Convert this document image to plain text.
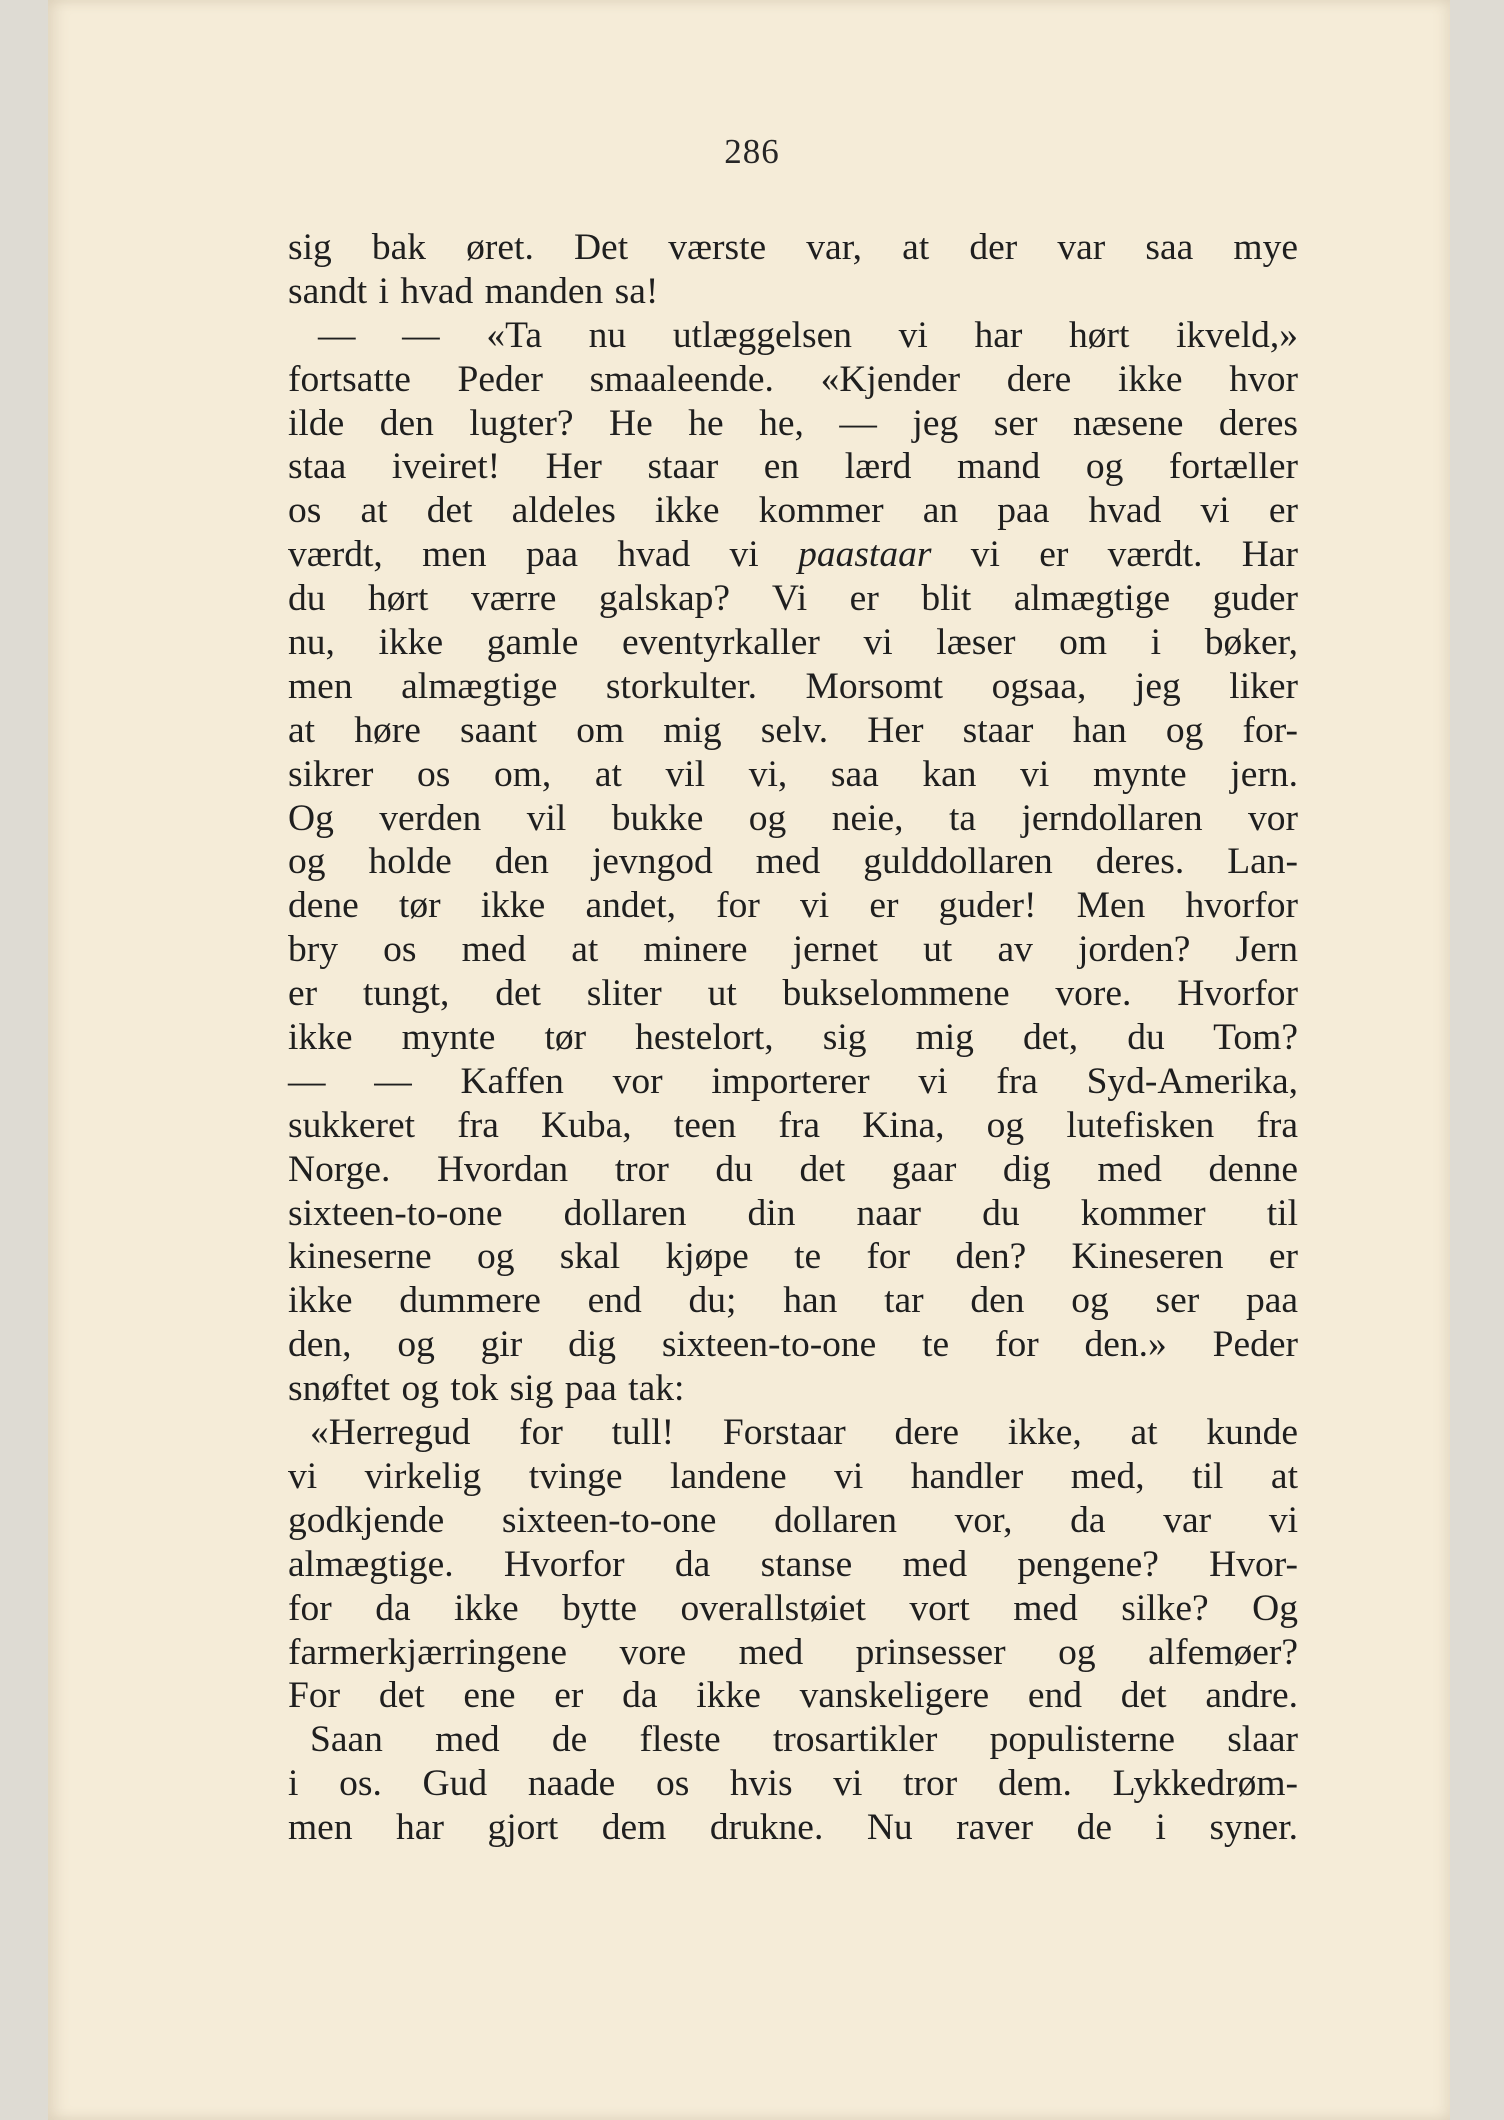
286
sig bak øret. Det værste var, at der var saa mye
sandt i hvad manden sa!
— — «Ta nu utlæggelsen vi har hørt ikveld,»
fortsatte Peder smaaleende. «Kjender dere ikke hvor
ilde den lugter? He he he, — jeg ser næsene deres
staa iveiret! Her staar en lærd mand og fortæller
os at det aldeles ikke kommer an paa hvad vi er
værdt, men paa hvad vi paastaar vi er værdt. Har
du hørt værre galskap? Vi er blit almægtige guder
nu, ikke gamle eventyrkaller vi læser om i bøker,
men almægtige storkulter. Morsomt ogsaa, jeg liker
at høre saant om mig selv. Her staar han og for-
sikrer os om, at vil vi, saa kan vi mynte jern.
Og verden vil bukke og neie, ta jerndollaren vor
og holde den jevngod med gulddollaren deres. Lan-
dene tør ikke andet, for vi er guder! Men hvorfor
bry os med at minere jernet ut av jorden? Jern
er tungt, det sliter ut bukselommene vore. Hvorfor
ikke mynte tør hestelort, sig mig det, du Tom?
— — Kaffen vor importerer vi fra Syd-Amerika,
sukkeret fra Kuba, teen fra Kina, og lutefisken fra
Norge. Hvordan tror du det gaar dig med denne
sixteen-to-one dollaren din naar du kommer til
kineserne og skal kjøpe te for den? Kineseren er
ikke dummere end du; han tar den og ser paa
den, og gir dig sixteen-to-one te for den.» Peder
snøftet og tok sig paa tak:
«Herregud for tull! Forstaar dere ikke, at kunde
vi virkelig tvinge landene vi handler med, til at
godkjende sixteen-to-one dollaren vor, da var vi
almægtige. Hvorfor da stanse med pengene? Hvor-
for da ikke bytte overallstøiet vort med silke? Og
farmerkjærringene vore med prinsesser og alfemøer?
For det ene er da ikke vanskeligere end det andre.
Saan med de fleste trosartikler populisterne slaar
i os. Gud naade os hvis vi tror dem. Lykkedrøm-
men har gjort dem drukne. Nu raver de i syner.
